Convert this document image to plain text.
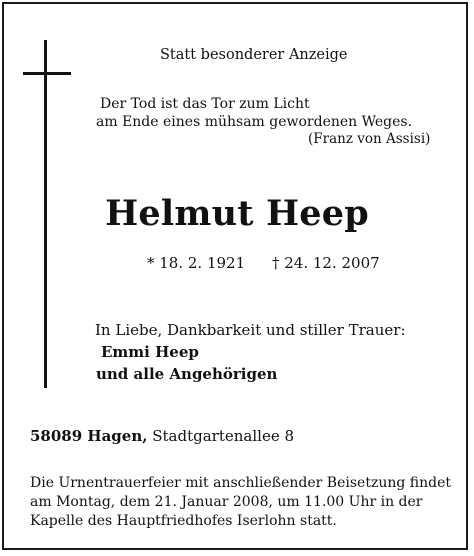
Statt besonderer Anzeige
Der Tod ist das Tor zum Licht
am Ende eines mühsam gewordenen Weges.
(Franz von Assisi)
Helmut Heep
* 18. 2. 1921 † 24. 12. 2007
In Liebe, Dankbarkeit und stiller Trauer:
Emmi Heep
und alle Angehörigen
58089 Hagen, Stadtgartenallee 8
Die Urnentrauerfeier mit anschließender Beisetzung findet
am Montag, dem 21. Januar 2008, um 11.00 Uhr in der
Kapelle des Hauptfriedhofes Iserlohn statt.
